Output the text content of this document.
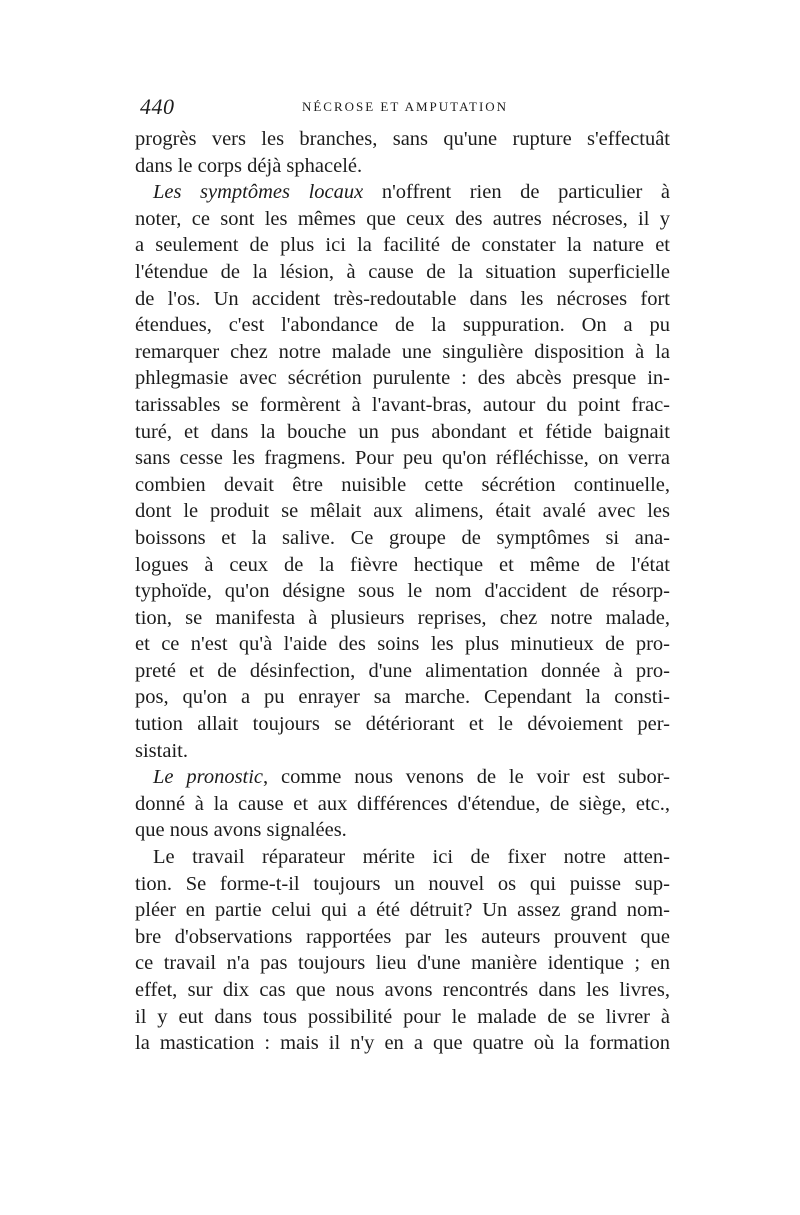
440	NÉCROSE ET AMPUTATION
progrès vers les branches, sans qu'une rupture s'effectuât
dans le corps déjà sphacelé.
Les symptômes locaux n'offrent rien de particulier à
noter, ce sont les mêmes que ceux des autres nécroses, il y
a seulement de plus ici la facilité de constater la nature et
l'étendue de la lésion, à cause de la situation superficielle
de l'os. Un accident très-redoutable dans les nécroses fort
étendues, c'est l'abondance de la suppuration. On a pu
remarquer chez notre malade une singulière disposition à la
phlegmasie avec sécrétion purulente : des abcès presque in-
tarissables se formèrent à l'avant-bras, autour du point frac-
turé, et dans la bouche un pus abondant et fétide baignait
sans cesse les fragmens. Pour peu qu'on réfléchisse, on verra
combien devait être nuisible cette sécrétion continuelle,
dont le produit se mêlait aux alimens, était avalé avec les
boissons et la salive. Ce groupe de symptômes si ana-
logues à ceux de la fièvre hectique et même de l'état
typhoïde, qu'on désigne sous le nom d'accident de résorp-
tion, se manifesta à plusieurs reprises, chez notre malade,
et ce n'est qu'à l'aide des soins les plus minutieux de pro-
preté et de désinfection, d'une alimentation donnée à pro-
pos, qu'on a pu enrayer sa marche. Cependant la consti-
tution allait toujours se détériorant et le dévoiement per-
sistait.
Le pronostic, comme nous venons de le voir est subor-
donné à la cause et aux différences d'étendue, de siège, etc.,
que nous avons signalées.
Le travail réparateur mérite ici de fixer notre atten-
tion. Se forme-t-il toujours un nouvel os qui puisse sup-
pléer en partie celui qui a été détruit? Un assez grand nom-
bre d'observations rapportées par les auteurs prouvent que
ce travail n'a pas toujours lieu d'une manière identique ; en
effet, sur dix cas que nous avons rencontrés dans les livres,
il y eut dans tous possibilité pour le malade de se livrer à
la mastication : mais il n'y en a que quatre où la formation
